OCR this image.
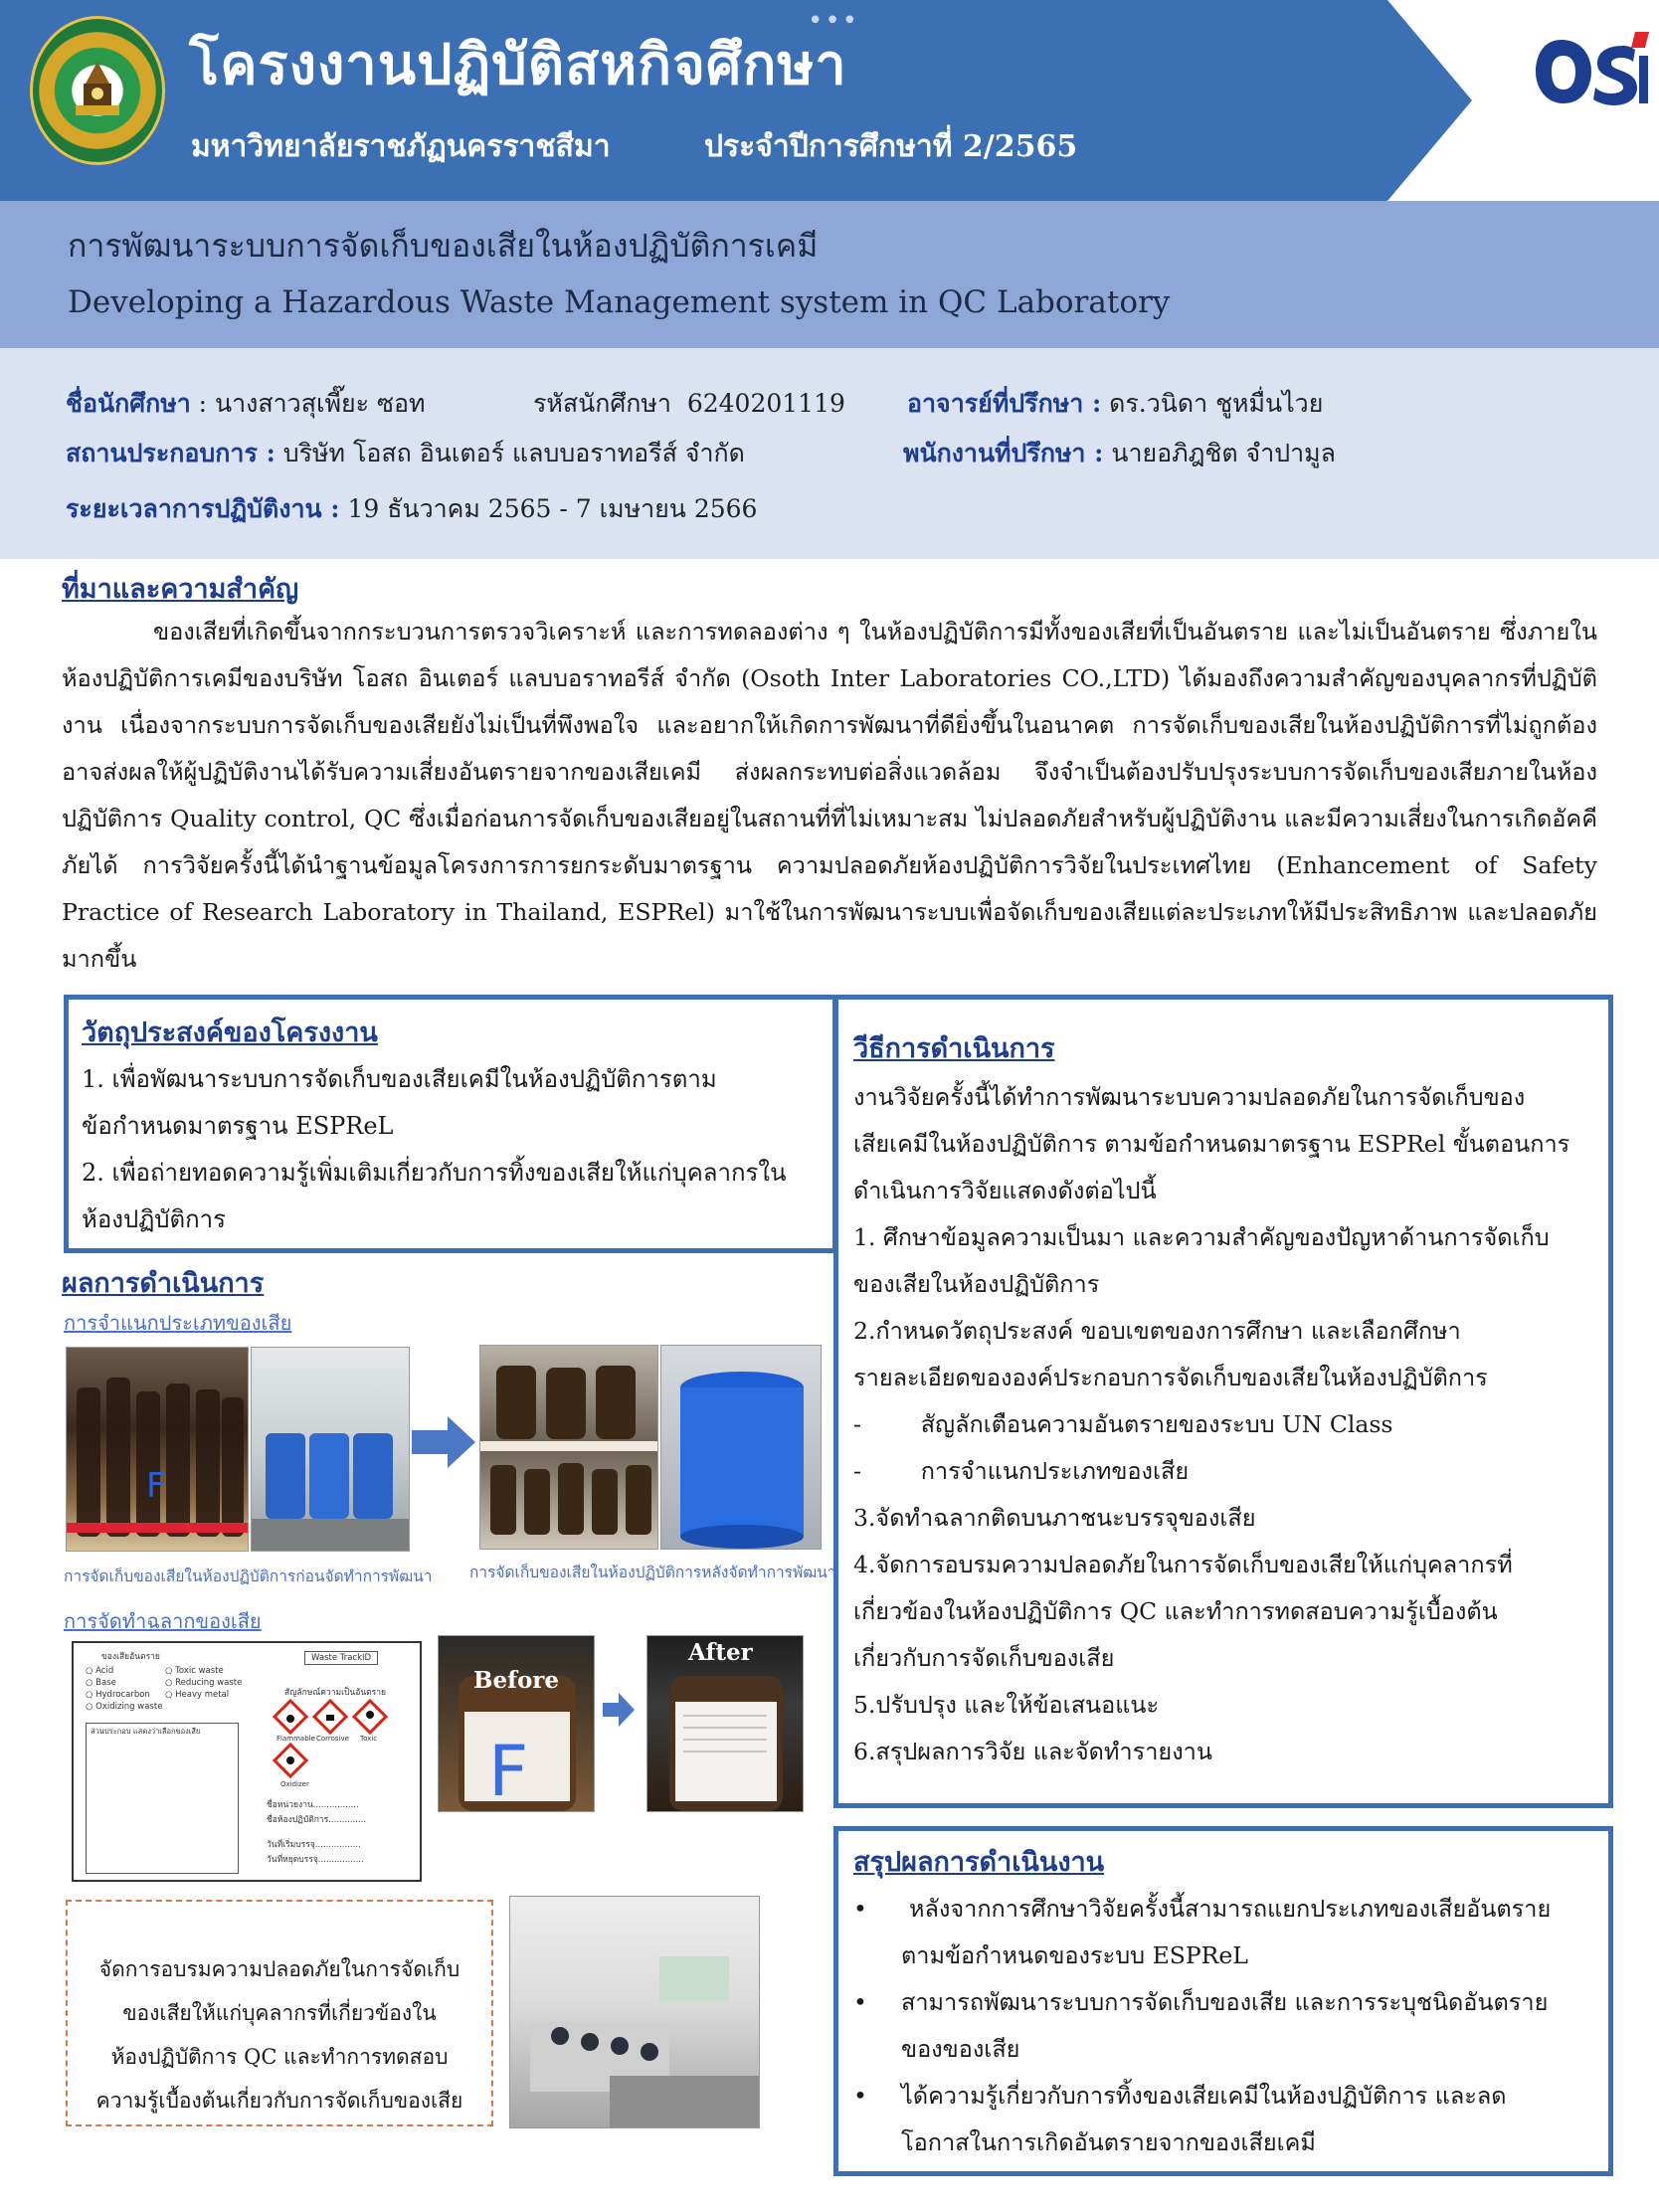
โครงงานปฏิบัติสหกิจศึกษา
•••
มหาวิทยาลัยราชภัฏนครราชสีมา	ประจำปีการศึกษาที่ 2/2565
การพัฒนาระบบการจัดเก็บของเสียในห้องปฏิบัติการเคมี
Developing a Hazardous Waste Management system in QC Laboratory
ชื่อนักศึกษา : นางสาวสุเพี๊ยะ ซอท	รหัสนักศึกษา 6240201119 อาจารย์ที่ปรึกษา : ดร.วนิดา ชูหมื่นไวย
สถานประกอบการ : บริษัท โอสถ อินเตอร์ แลบบอราทอรีส์ จำกัด	พนักงานที่ปรึกษา : นายอภิฎชิต จำปามูล
ระยะเวลาการปฏิบัติงาน : 19 ธันวาคม 2565 - 7 เมษายน 2566
ที่มาและความสำคัญ

ของเสียที่เกิดขึ้นจากกระบวนการตรวจวิเคราะห์ และการทดลองต่าง ๆ ในห้องปฏิบัติการมีทั้งของเสียที่เป็นอันตราย และไม่เป็นอันตราย ซึ่งภายในห้องปฏิบัติการเคมีของบริษัท โอสถ อินเตอร์ แลบบอราทอรีส์ จำกัด (Osoth Inter Laboratories CO.,LTD) ได้มองถึงความสำคัญของบุคลากรที่ปฏิบัติงาน เนื่องจากระบบการจัดเก็บของเสียยังไม่เป็นที่พึงพอใจ และอยากให้เกิดการพัฒนาที่ดียิ่งขึ้นในอนาคต การจัดเก็บของเสียในห้องปฏิบัติการที่ไม่ถูกต้องอาจส่งผลให้ผู้ปฏิบัติงานได้รับความเสี่ยงอันตรายจากของเสียเคมี ส่งผลกระทบต่อสิ่งแวดล้อม จึงจำเป็นต้องปรับปรุงระบบการจัดเก็บของเสียภายในห้องปฏิบัติการ Quality control, QC ซึ่งเมื่อก่อนการจัดเก็บของเสียอยู่ในสถานที่ที่ไม่เหมาะสม ไม่ปลอดภัยสำหรับผู้ปฏิบัติงาน และมีความเสี่ยงในการเกิดอัคคีภัยได้ การวิจัยครั้งนี้ได้นำฐานข้อมูลโครงการการยกระดับมาตรฐาน ความปลอดภัยห้องปฏิบัติการวิจัยในประเทศไทย (Enhancement of Safety Practice of Research Laboratory in Thailand, ESPRel) มาใช้ในการพัฒนาระบบเพื่อจัดเก็บของเสียแต่ละประเภทให้มีประสิทธิภาพ และปลอดภัยมากขึ้น

วัตถุประสงค์ของโครงงาน

1. เพื่อพัฒนาระบบการจัดเก็บของเสียเคมีในห้องปฏิบัติการตาม

ข้อกำหนดมาตรฐาน ESPReL

2. เพื่อถ่ายทอดความรู้เพิ่มเติมเกี่ยวกับการทิ้งของเสียให้แก่บุคลากรใน

ห้องปฏิบัติการ

วีธีการดำเนินการ

งานวิจัยครั้งนี้ได้ทำการพัฒนาระบบความปลอดภัยในการจัดเก็บของ

เสียเคมีในห้องปฏิบัติการ ตามข้อกำหนดมาตรฐาน ESPRel ขั้นตอนการ

ดำเนินการวิจัยแสดงดังต่อไปนี้

1. ศึกษาข้อมูลความเป็นมา และความสำคัญของปัญหาด้านการจัดเก็บ

ของเสียในห้องปฏิบัติการ

2.กำหนดวัตถุประสงค์ ขอบเขตของการศึกษา และเลือกศึกษา

รายละเอียดขององค์ประกอบการจัดเก็บของเสียในห้องปฏิบัติการ

-        สัญลักเตือนความอันตรายของระบบ UN Class

-        การจำแนกประเภทของเสีย

3.จัดทำฉลากติดบนภาชนะบรรจุของเสีย

4.จัดการอบรมความปลอดภัยในการจัดเก็บของเสียให้แก่บุคลากรที่

เกี่ยวข้องในห้องปฏิบัติการ QC และทำการทดสอบความรู้เบื้องต้น

เกี่ยวกับการจัดเก็บของเสีย

5.ปรับปรุง และให้ข้อเสนอแนะ

6.สรุปผลการวิจัย และจัดทำรายงาน

ผลการดำเนินการ
การจำแนกประเภทของเสีย
F
การจัดเก็บของเสียในห้องปฏิบัติการก่อนจัดทำการพัฒนา การจัดเก็บของเสียในห้องปฏิบัติการหลังจัดทำการพัฒนา
การจัดทำฉลากของเสีย
ของเสียอันตราย
○ Acid
○ Base
○ Hydrocarbon
○ Oxidizing waste
○ Toxic waste
○ Reducing waste
○ Heavy metal
ส่วนประกอบ แสดงว่าเลือกของเสีย
Waste TrackID
สัญลักษณ์ความเป็นอันตราย
Flammable Corrosive Toxic
Oxidizer
ชื่อหน่วยงาน.................
ชื่อห้องปฏิบัติการ..............
วันที่เริ่มบรรจุ.................
วันที่หยุดบรรจุ.................
F
Before
After
จัดการอบรมความปลอดภัยในการจัดเก็บ
ของเสียให้แก่บุคลากรที่เกี่ยวข้องใน
ห้องปฏิบัติการ QC และทำการทดสอบ
ความรู้เบื้องต้นเกี่ยวกับการจัดเก็บของเสีย
สรุปผลการดำเนินงาน
•	หลังจากการศึกษาวิจัยครั้งนี้สามารถแยกประเภทของเสียอันตราย

ตามข้อกำหนดของระบบ ESPReL

• สามารถพัฒนาระบบการจัดเก็บของเสีย และการระบุชนิดอันตราย

ของของเสีย

• ได้ความรู้เกี่ยวกับการทิ้งของเสียเคมีในห้องปฏิบัติการ และลด

โอกาสในการเกิดอันตรายจากของเสียเคมี
